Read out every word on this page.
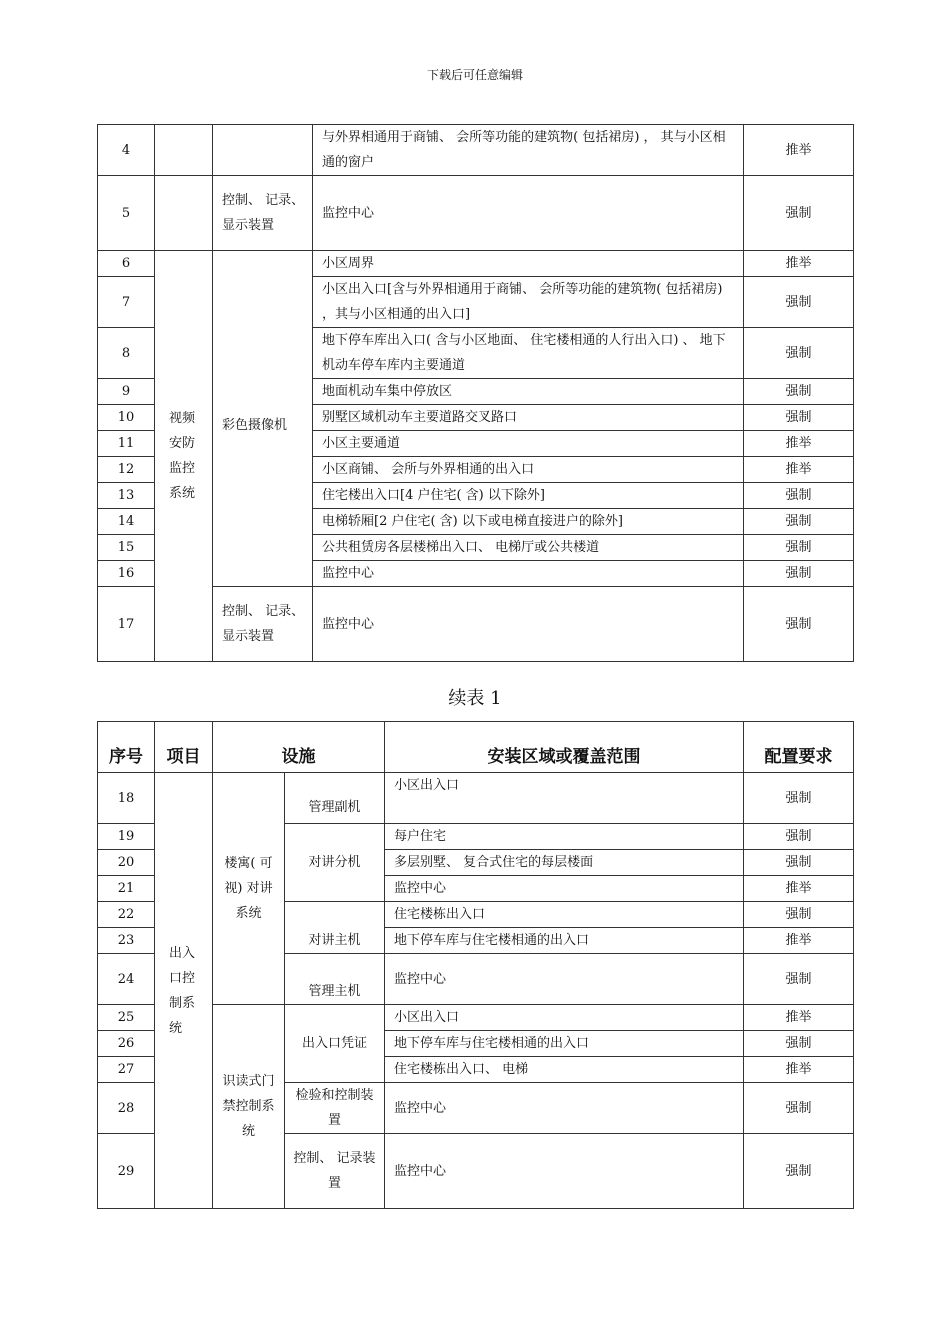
下载后可任意编辑
4			与外界相通用于商铺、 会所等功能的建筑物( 包括裙房) ， 其与小区相通的窗户	推举
5		控制、 记录、 显示装置	监控中心	强制
6	视频安防监控系统	彩色摄像机	小区周界	推举
7			小区出入口[含与外界相通用于商铺、 会所等功能的建筑物( 包括裙房) ，其与小区相通的出入口]	强制
8			地下停车库出入口( 含与小区地面、 住宅楼相通的人行出入口) 、 地下机动车停车库内主要通道	强制
9			地面机动车集中停放区	强制
10			别墅区域机动车主要道路交叉路口	强制
11			小区主要通道	推举
12			小区商铺、 会所与外界相通的出入口	推举
13			住宅楼出入口[4 户住宅( 含) 以下除外]	强制
14			电梯轿厢[2 户住宅( 含) 以下或电梯直接进户的除外]	强制
15			公共租赁房各层楼梯出入口、 电梯厅或公共楼道	强制
16			监控中心	强制
17		控制、 记录、 显示装置	监控中心	强制
续表 1
序号	项目	设施		安装区域或覆盖范围	配置要求
18	出入口控制系统	楼寓( 可视) 对讲系统	管理副机	小区出入口	强制
19			对讲分机	每户住宅	强制
20				多层别墅、 复合式住宅的每层楼面	强制
21				监控中心	推举
22			对讲主机	住宅楼栋出入口	强制
23				地下停车库与住宅楼相通的出入口	推举
24			管理主机	监控中心	强制
25		识读式门禁控制系统	出入口凭证	小区出入口	推举
26				地下停车库与住宅楼相通的出入口	强制
27				住宅楼栋出入口、 电梯	推举
28			检验和控制装置	监控中心	强制
29			控制、 记录装置	监控中心	强制
